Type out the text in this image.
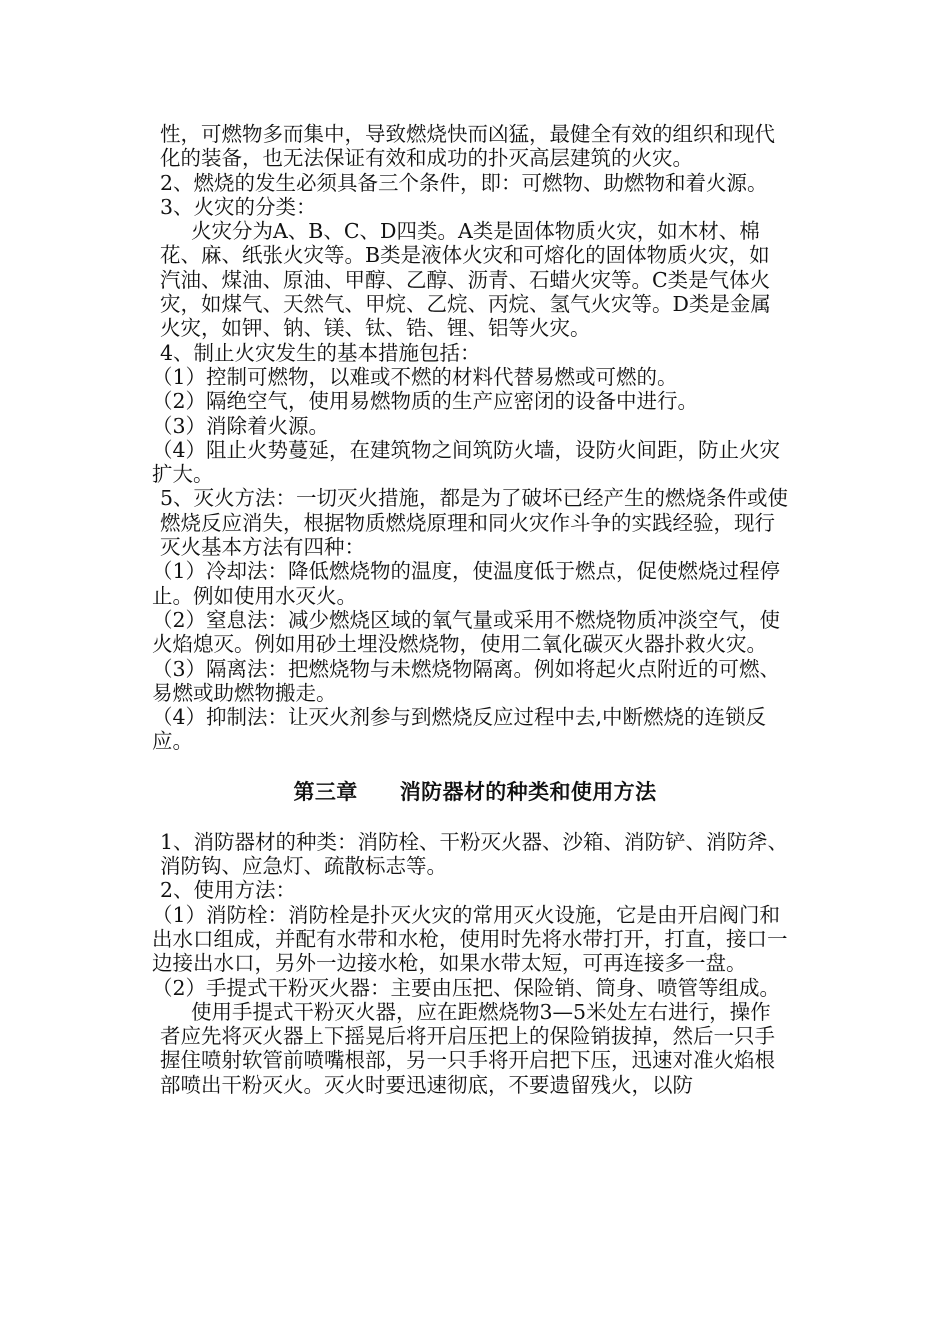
性，可燃物多而集中，导致燃烧快而凶猛，最健全有效的组织和现代化的装备，也无法保证有效和成功的扑灭高层建筑的火灾。

2、燃烧的发生必须具备三个条件，即：可燃物、助燃物和着火源。

3、火灾的分类：

火灾分为A、B、C、D四类。A类是固体物质火灾，如木材、棉花、麻、纸张火灾等。B类是液体火灾和可熔化的固体物质火灾，如汽油、煤油、原油、甲醇、乙醇、沥青、石蜡火灾等。C类是气体火灾，如煤气、天然气、甲烷、乙烷、丙烷、氢气火灾等。D类是金属火灾，如钾、钠、镁、钛、锆、锂、铝等火灾。

4、制止火灾发生的基本措施包括：

（1）控制可燃物，以难或不燃的材料代替易燃或可燃的。

（2）隔绝空气，使用易燃物质的生产应密闭的设备中进行。

（3）消除着火源。

（4）阻止火势蔓延，在建筑物之间筑防火墙，设防火间距，防止火灾扩大。

5、灭火方法：一切灭火措施，都是为了破坏已经产生的燃烧条件或使燃烧反应消失，根据物质燃烧原理和同火灾作斗争的实践经验，现行灭火基本方法有四种：

（1）冷却法：降低燃烧物的温度，使温度低于燃点，促使燃烧过程停止。例如使用水灭火。

（2）窒息法：减少燃烧区域的氧气量或采用不燃烧物质冲淡空气，使火焰熄灭。例如用砂土埋没燃烧物，使用二氧化碳灭火器扑救火灾。

（3）隔离法：把燃烧物与未燃烧物隔离。例如将起火点附近的可燃、易燃或助燃物搬走。

（4）抑制法：让灭火剂参与到燃烧反应过程中去,中断燃烧的连锁反应。

第三章 消防器材的种类和使用方法

1、消防器材的种类：消防栓、干粉灭火器、沙箱、消防铲、消防斧、消防钩、应急灯、疏散标志等。

2、使用方法：

（1）消防栓：消防栓是扑灭火灾的常用灭火设施，它是由开启阀门和出水口组成，并配有水带和水枪，使用时先将水带打开，打直，接口一边接出水口，另外一边接水枪，如果水带太短，可再连接多一盘。

（2）手提式干粉灭火器：主要由压把、保险销、筒身、喷管等组成。

使用手提式干粉灭火器，应在距燃烧物3—5米处左右进行，操作者应先将灭火器上下摇晃后将开启压把上的保险销拔掉，然后一只手握住喷射软管前喷嘴根部，另一只手将开启把下压，迅速对准火焰根部喷出干粉灭火。灭火时要迅速彻底，不要遗留残火，以防
